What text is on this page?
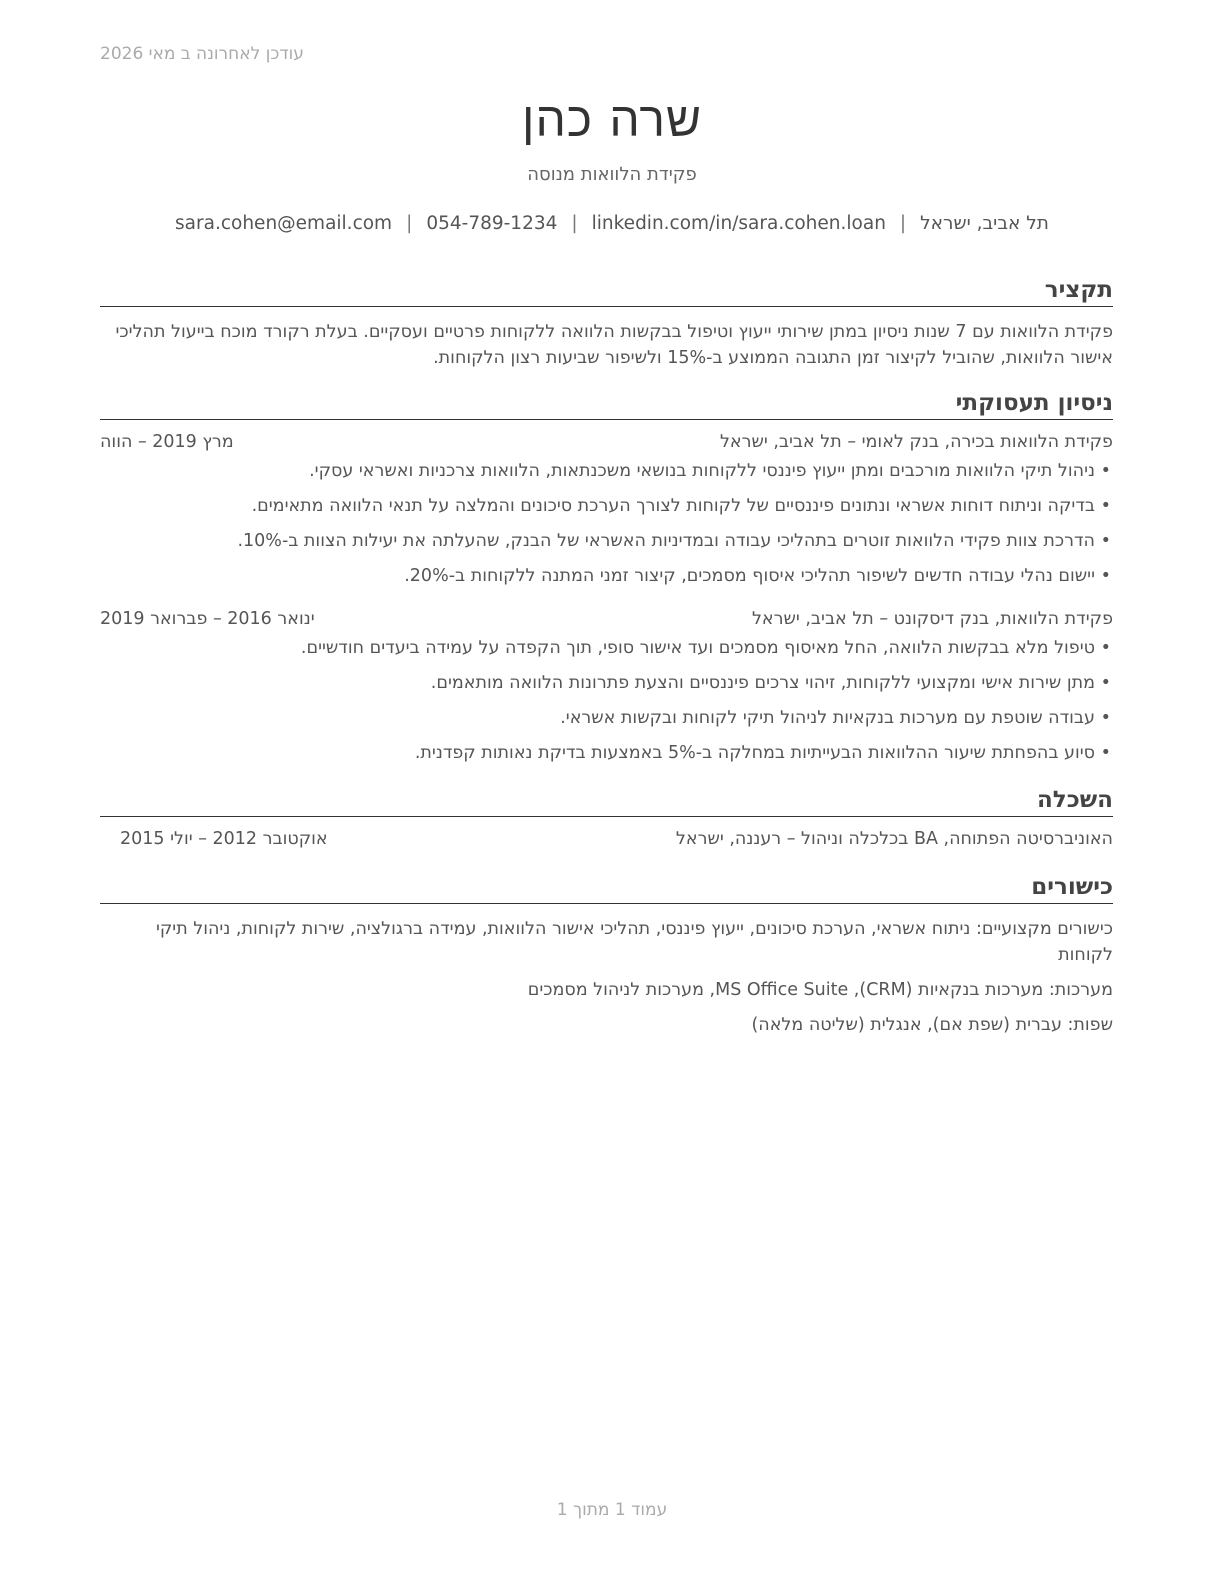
עודכן לאחרונה ב מאי 2026
שרה כהן
פקידת הלוואות מנוסה
תל אביב, ישראל|sara.cohen@email.com | 054-789-1234 | linkedin.com/in/sara.cohen.loan
תקציר
פקידת הלוואות עם 7 שנות ניסיון במתן שירותי ייעוץ וטיפול בבקשות הלוואה ללקוחות פרטיים ועסקיים. בעלת רקורד מוכח בייעול תהליכי אישור הלוואות, שהוביל לקיצור זמן התגובה הממוצע ב-15% ולשיפור שביעות רצון הלקוחות.
ניסיון תעסוקתי
פקידת הלוואות בכירה, בנק לאומי – תל אביב, ישראל
מרץ 2019 – הווה
•
ניהול תיקי הלוואות מורכבים ומתן ייעוץ פיננסי ללקוחות בנושאי משכנתאות, הלוואות צרכניות ואשראי עסקי.
•
בדיקה וניתוח דוחות אשראי ונתונים פיננסיים של לקוחות לצורך הערכת סיכונים והמלצה על תנאי הלוואה מתאימים.
•
הדרכת צוות פקידי הלוואות זוטרים בתהליכי עבודה ובמדיניות האשראי של הבנק, שהעלתה את יעילות הצוות ב-10%.
•
יישום נהלי עבודה חדשים לשיפור תהליכי איסוף מסמכים, קיצור זמני המתנה ללקוחות ב-20%.
פקידת הלוואות, בנק דיסקונט – תל אביב, ישראל
ינואר 2016 – פברואר 2019
•
טיפול מלא בבקשות הלוואה, החל מאיסוף מסמכים ועד אישור סופי, תוך הקפדה על עמידה ביעדים חודשיים.
•
מתן שירות אישי ומקצועי ללקוחות, זיהוי צרכים פיננסיים והצעת פתרונות הלוואה מותאמים.
•
עבודה שוטפת עם מערכות בנקאיות לניהול תיקי לקוחות ובקשות אשראי.
•
סיוע בהפחתת שיעור ההלוואות הבעייתיות במחלקה ב-5% באמצעות בדיקת נאותות קפדנית.
השכלה
האוניברסיטה הפתוחה, BA בכלכלה וניהול – רעננה, ישראל
אוקטובר 2012 – יולי 2015
כישורים
כישורים מקצועיים: ניתוח אשראי, הערכת סיכונים, ייעוץ פיננסי, תהליכי אישור הלוואות, עמידה ברגולציה, שירות לקוחות, ניהול תיקי לקוחות
מערכות: מערכות בנקאיות (CRM), MS Office Suite, מערכות לניהול מסמכים
שפות: עברית (שפת אם), אנגלית (שליטה מלאה)
עמוד 1 מתוך 1
